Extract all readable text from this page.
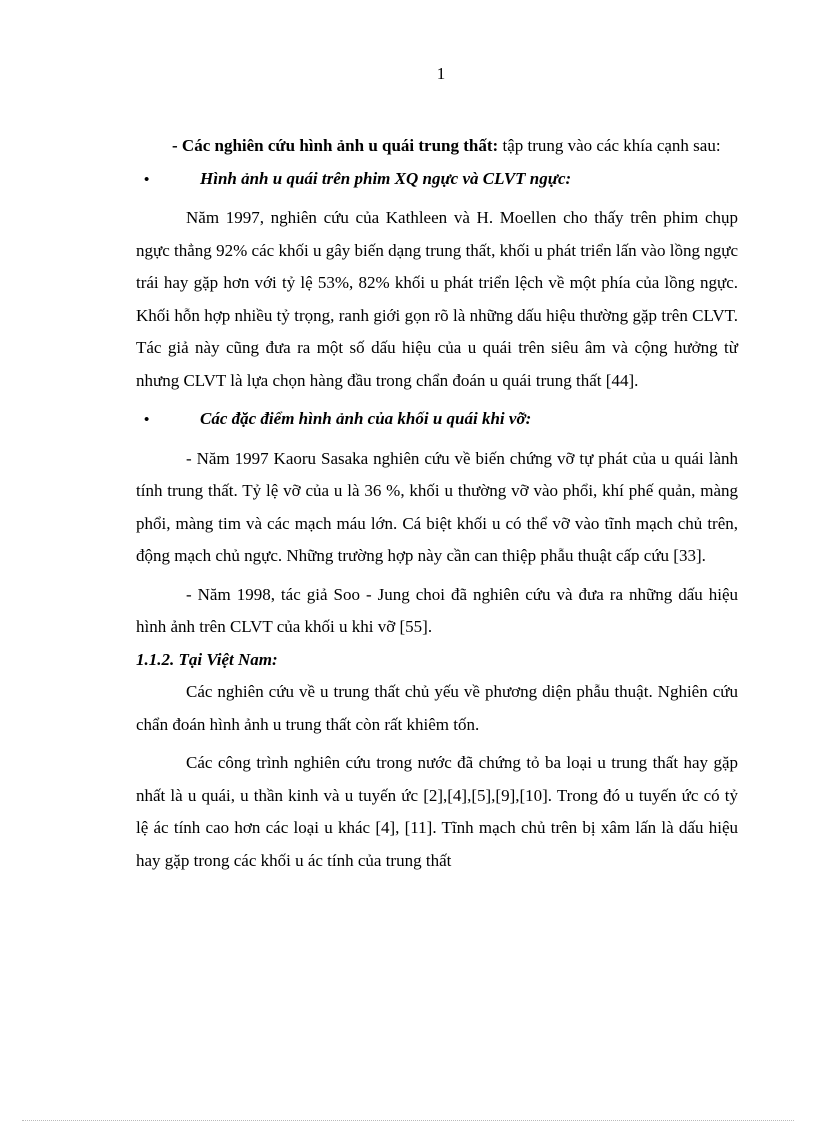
1

- Các nghiên cứu hình ảnh u quái trung thất: tập trung vào các khía cạnh sau:

•	Hình ảnh u quái trên phim XQ ngực và CLVT ngực:

Năm 1997, nghiên cứu của Kathleen và H. Moellen cho thấy trên phim chụp ngực thẳng 92% các khối u gây biến dạng trung thất, khối u phát triển lấn vào lồng ngực trái hay gặp hơn với tỷ lệ 53%, 82% khối u phát triển lệch về một phía của lồng ngực. Khối hỗn hợp nhiều tỷ trọng, ranh giới gọn rõ là những dấu hiệu thường gặp trên CLVT. Tác giả này cũng đưa ra một số dấu hiệu của u quái trên siêu âm và cộng hưởng từ nhưng CLVT là lựa chọn hàng đầu trong chẩn đoán u quái trung thất [44].

•	Các đặc điểm hình ảnh của khối u quái khi vỡ:

- Năm 1997 Kaoru Sasaka nghiên cứu về biến chứng vỡ tự phát của u quái lành tính trung thất. Tỷ lệ vỡ của u là 36 %, khối u thường vỡ vào phổi, khí phế quản, màng phổi, màng tim và các mạch máu lớn. Cá biệt khối u có thể vỡ vào tĩnh mạch chủ trên, động mạch chủ ngực. Những trường hợp này cần can thiệp phẫu thuật cấp cứu [33].

- Năm 1998, tác giả Soo - Jung choi đã nghiên cứu và đưa ra những dấu hiệu hình ảnh trên CLVT của khối u khi vỡ [55].

1.1.2. Tại Việt Nam:

Các nghiên cứu về u trung thất chủ yếu về phương diện phẫu thuật. Nghiên cứu chẩn đoán hình ảnh u trung thất còn rất khiêm tốn.

Các công trình nghiên cứu trong nước đã chứng tỏ ba loại u trung thất hay gặp nhất là u quái, u thần kinh và u tuyến ức [2],[4],[5],[9],[10]. Trong đó u tuyến ức có tỷ lệ ác tính cao hơn các loại u khác [4], [11]. Tĩnh mạch chủ trên bị xâm lấn là dấu hiệu hay gặp trong các khối u ác tính của trung thất
